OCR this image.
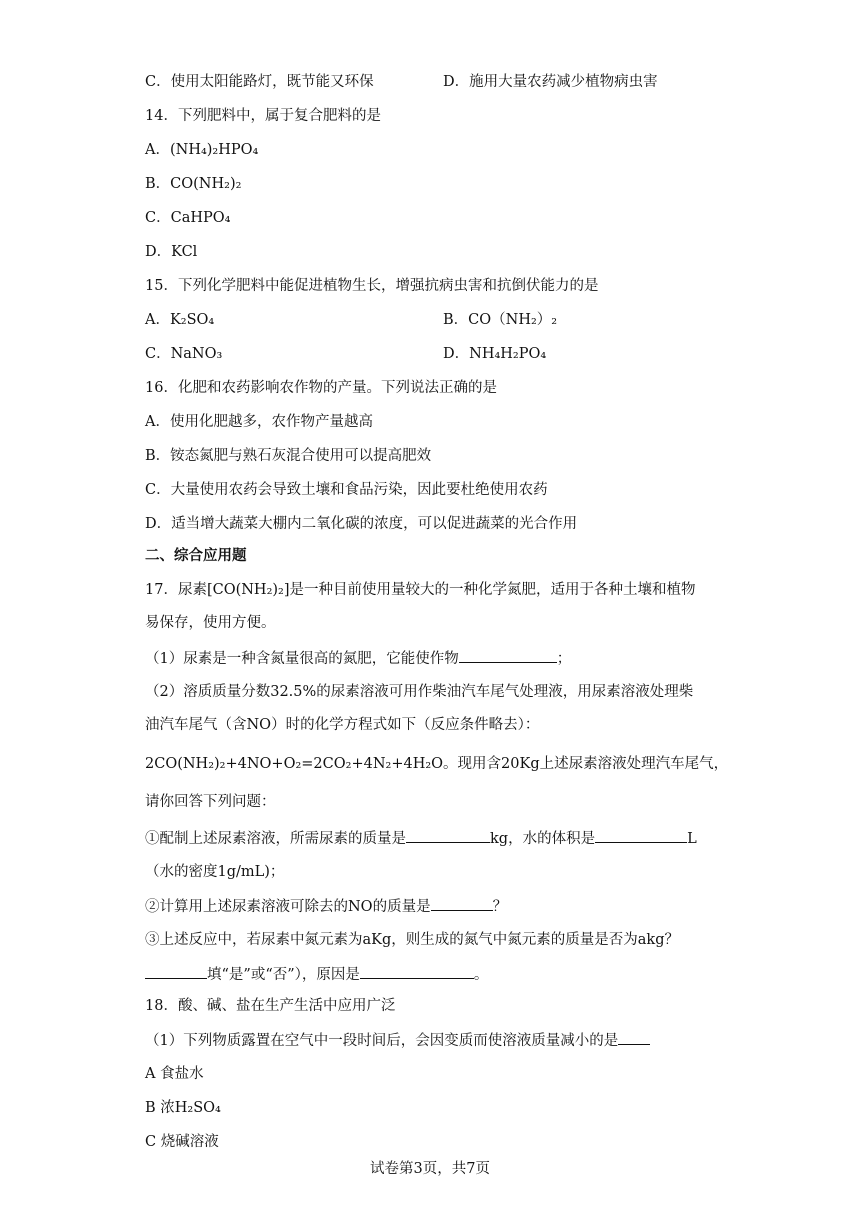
C．使用太阳能路灯，既节能又环保	D．施用大量农药减少植物病虫害
14．下列肥料中，属于复合肥料的是
A．(NH₄)₂HPO₄
B．CO(NH₂)₂
C．CaHPO₄
D．KCl
15．下列化学肥料中能促进植物生长，增强抗病虫害和抗倒伏能力的是
A．K₂SO₄	B．CO（NH₂）₂
C．NaNO₃	D．NH₄H₂PO₄
16．化肥和农药影响农作物的产量。下列说法正确的是
A．使用化肥越多，农作物产量越高
B．铵态氮肥与熟石灰混合使用可以提高肥效
C．大量使用农药会导致土壤和食品污染，因此要杜绝使用农药
D．适当增大蔬菜大棚内二氧化碳的浓度，可以促进蔬菜的光合作用
二、综合应用题
17．尿素[CO(NH₂)₂]是一种目前使用量较大的一种化学氮肥，适用于各种土壤和植物
易保存，使用方便。
（1）尿素是一种含氮量很高的氮肥，它能使作物	；
（2）溶质质量分数32.5%的尿素溶液可用作柴油汽车尾气处理液，用尿素溶液处理柴
油汽车尾气（含NO）时的化学方程式如下（反应条件略去）：
2CO(NH₂)₂+4NO+O₂=2CO₂+4N₂+4H₂O。现用含20Kg上述尿素溶液处理汽车尾气，
请你回答下列问题：
①配制上述尿素溶液，所需尿素的质量是	kg，水的体积是	L
（水的密度1g/mL)；
②计算用上述尿素溶液可除去的NO的质量是	？
③上述反应中，若尿素中氮元素为aKg，则生成的氮气中氮元素的质量是否为akg？
填“是”或“否”），原因是	。
18．酸、碱、盐在生产生活中应用广泛
（1）下列物质露置在空气中一段时间后，会因变质而使溶液质量减小的是
A 食盐水
B 浓H₂SO₄
C 烧碱溶液
试卷第3页，共7页
